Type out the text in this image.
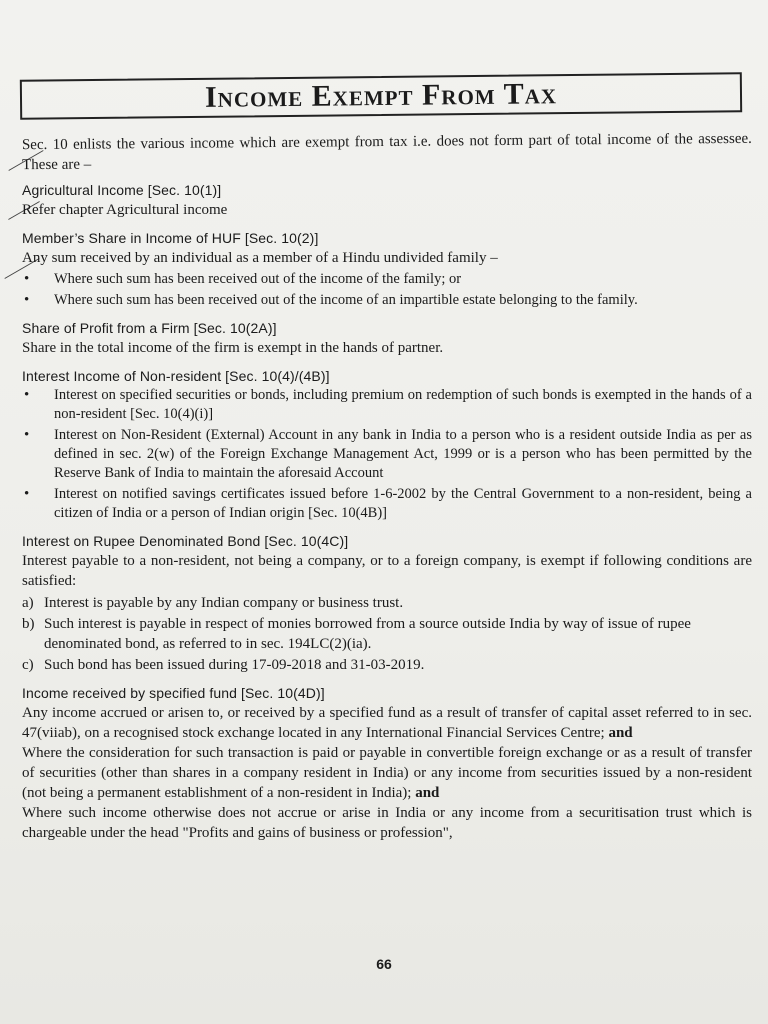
Income Exempt From Tax

Sec. 10 enlists the various income which are exempt from tax i.e. does not form part of total income of the assessee. These are –

Agricultural Income [Sec. 10(1)]

Refer chapter Agricultural income

Member’s Share in Income of HUF [Sec. 10(2)]

Any sum received by an individual as a member of a Hindu undivided family –

• Where such sum has been received out of the income of the family; or
• Where such sum has been received out of the income of an impartible estate belonging to the family.
Share of Profit from a Firm [Sec. 10(2A)]

Share in the total income of the firm is exempt in the hands of partner.

Interest Income of Non-resident [Sec. 10(4)/(4B)]
• Interest on specified securities or bonds, including premium on redemption of such bonds is exempted in the hands of a non-resident [Sec. 10(4)(i)]
• Interest on Non-Resident (External) Account in any bank in India to a person who is a resident outside India as per as defined in sec. 2(w) of the Foreign Exchange Management Act, 1999 or is a person who has been permitted by the Reserve Bank of India to maintain the aforesaid Account
• Interest on notified savings certificates issued before 1-6-2002 by the Central Government to a non-resident, being a citizen of India or a person of Indian origin [Sec. 10(4B)]
Interest on Rupee Denominated Bond [Sec. 10(4C)]

Interest payable to a non-resident, not being a company, or to a foreign company, is exempt if following conditions are satisfied:

a) Interest is payable by any Indian company or business trust.
b) Such interest is payable in respect of monies borrowed from a source outside India by way of issue of rupee denominated bond, as referred to in sec. 194LC(2)(ia).
c) Such bond has been issued during 17-09-2018 and 31-03-2019.
Income received by specified fund [Sec. 10(4D)]

Any income accrued or arisen to, or received by a specified fund as a result of transfer of capital asset referred to in sec. 47(viiab), on a recognised stock exchange located in any International Financial Services Centre; and

Where the consideration for such transaction is paid or payable in convertible foreign exchange or as a result of transfer of securities (other than shares in a company resident in India) or any income from securities issued by a non-resident (not being a permanent establishment of a non-resident in India); and

Where such income otherwise does not accrue or arise in India or any income from a securitisation trust which is chargeable under the head "Profits and gains of business or profession",

66
